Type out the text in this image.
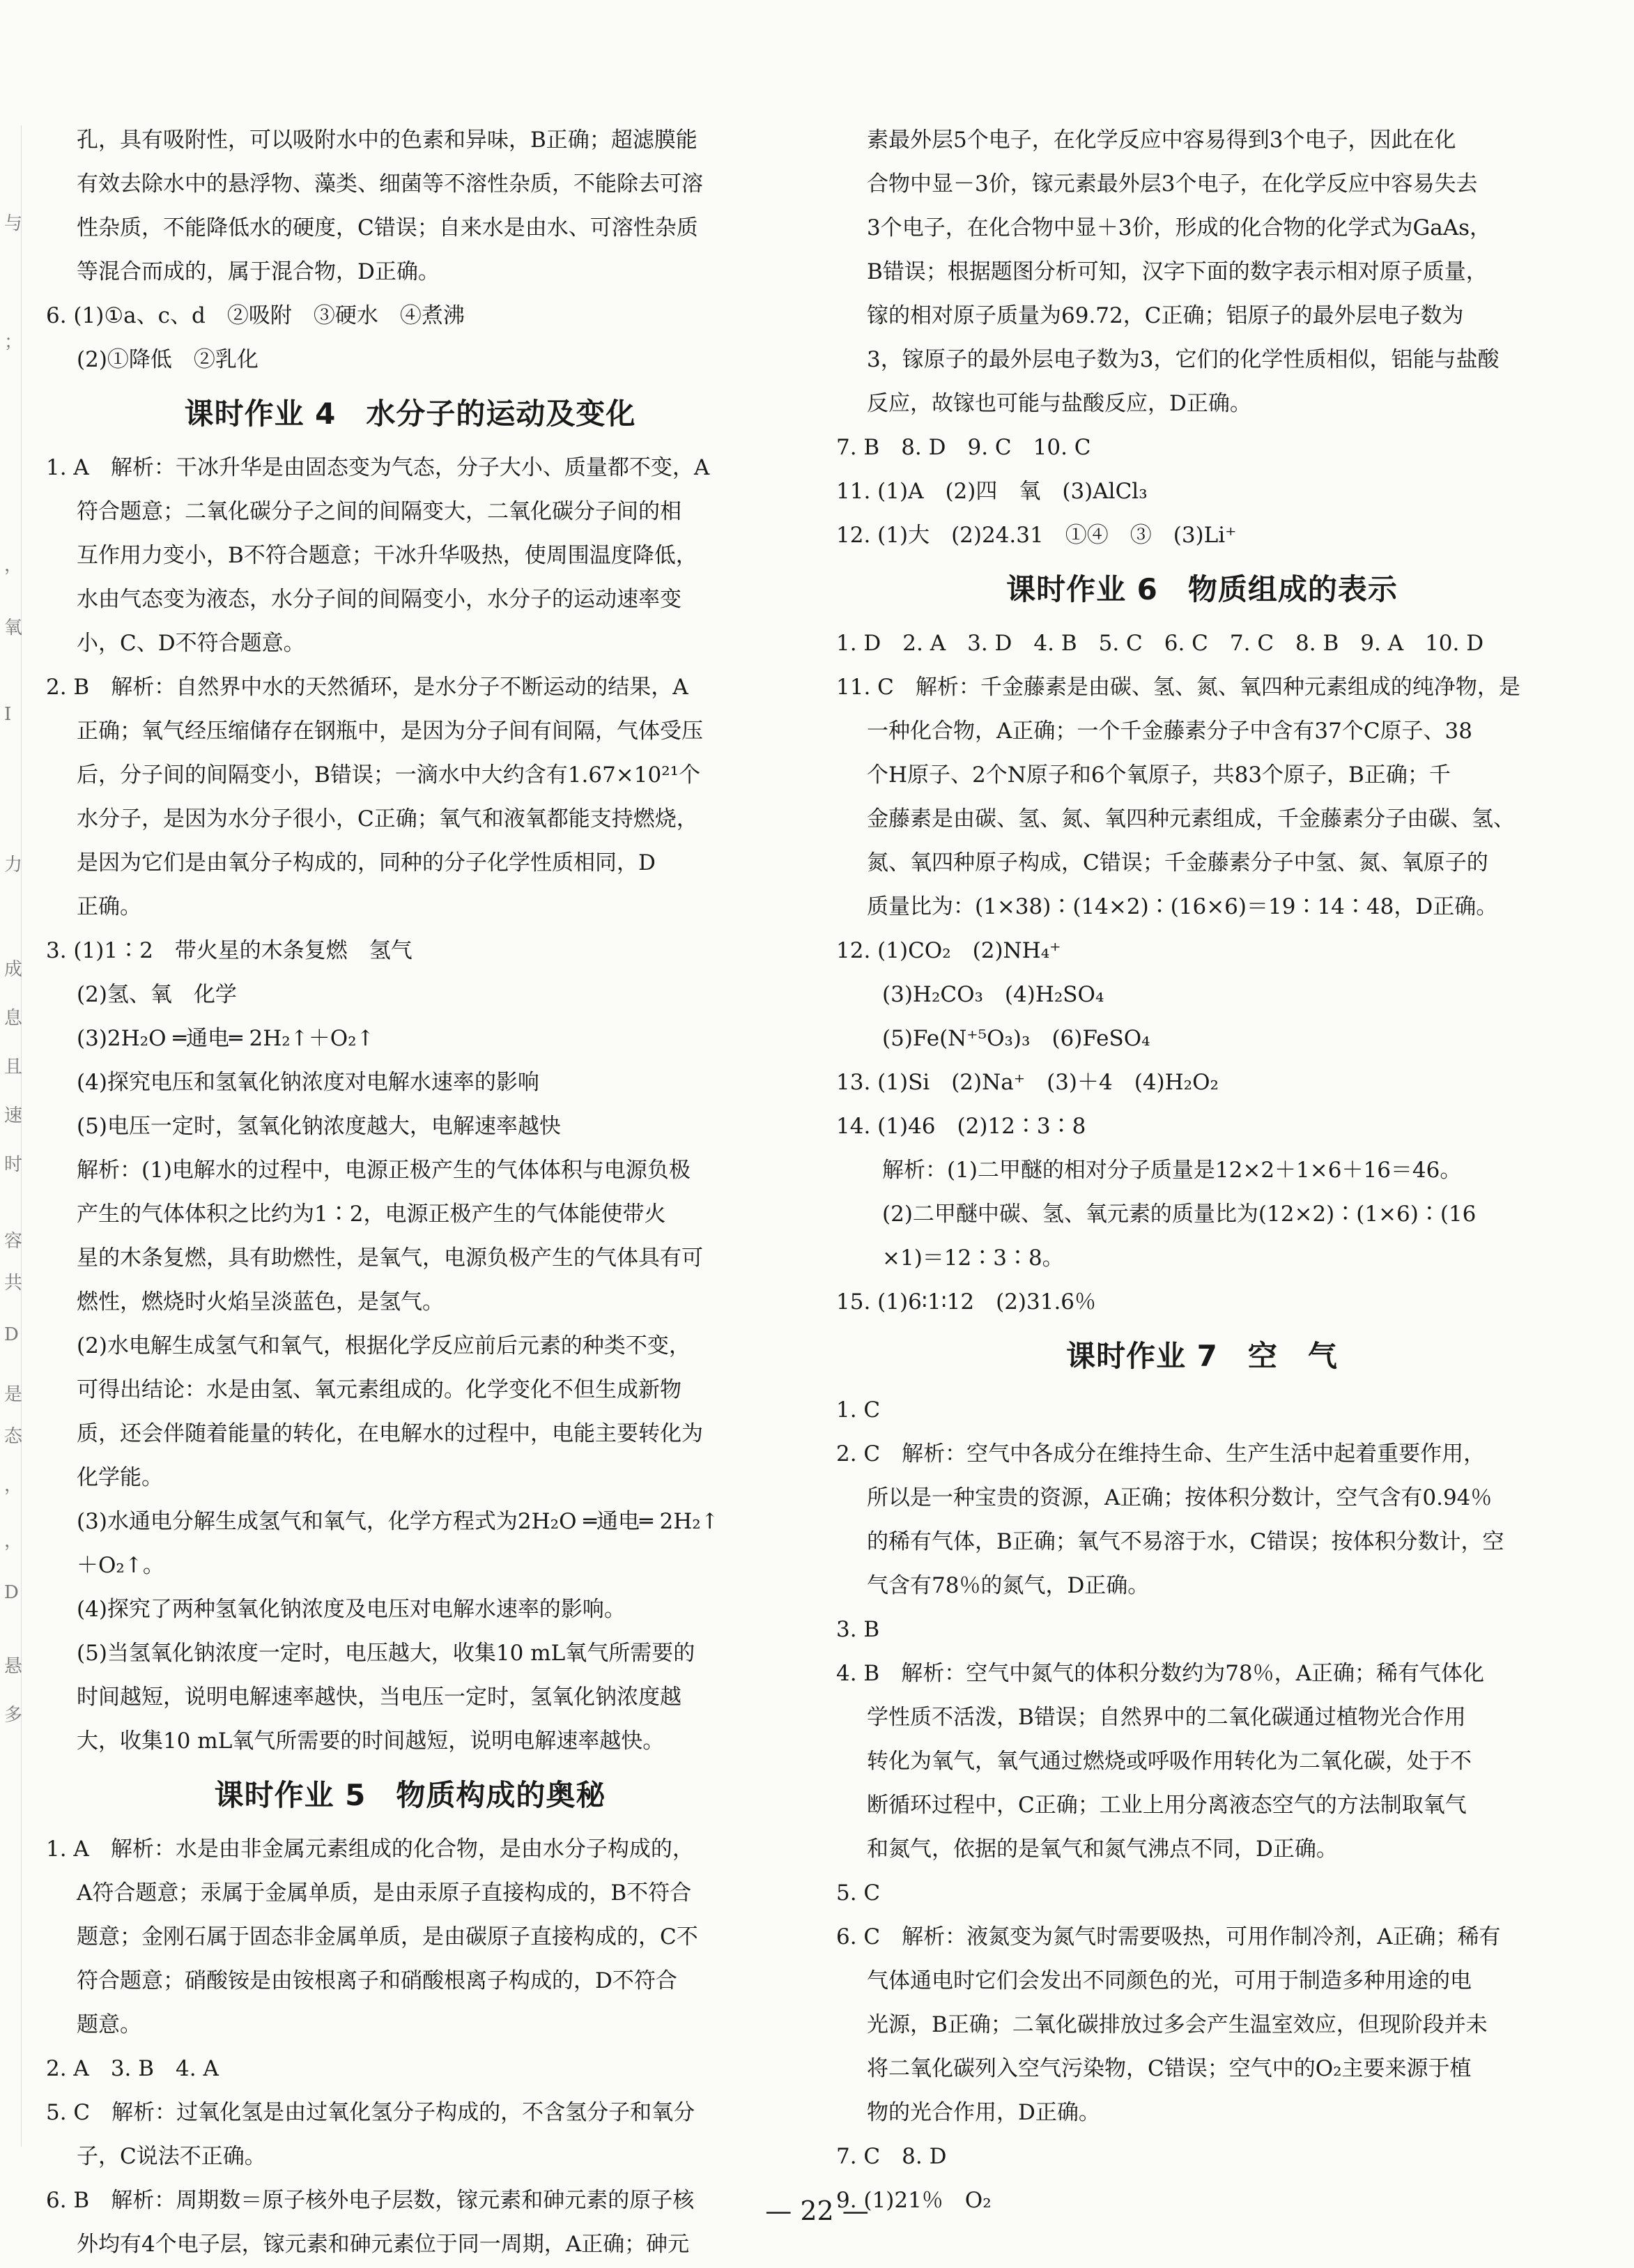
与
；
，
氧
I
力
成
息
且
速
时
容
共
D
是
态
，
，
D
悬
多

孔，具有吸附性，可以吸附水中的色素和异味，B正确；超滤膜能

有效去除水中的悬浮物、藻类、细菌等不溶性杂质，不能除去可溶

性杂质，不能降低水的硬度，C错误；自来水是由水、可溶性杂质

等混合而成的，属于混合物，D正确。

6. (1)①a、c、d　②吸附　③硬水　④煮沸

(2)①降低　②乳化

课时作业 4　水分子的运动及变化

1. A　解析：干冰升华是由固态变为气态，分子大小、质量都不变，A

符合题意；二氧化碳分子之间的间隔变大，二氧化碳分子间的相

互作用力变小，B不符合题意；干冰升华吸热，使周围温度降低，

水由气态变为液态，水分子间的间隔变小，水分子的运动速率变

小，C、D不符合题意。

2. B　解析：自然界中水的天然循环，是水分子不断运动的结果，A

正确；氧气经压缩储存在钢瓶中，是因为分子间有间隔，气体受压

后，分子间的间隔变小，B错误；一滴水中大约含有1.67×10²¹个

水分子，是因为水分子很小，C正确；氧气和液氧都能支持燃烧，

是因为它们是由氧分子构成的，同种的分子化学性质相同，D

正确。

3. (1)1∶2　带火星的木条复燃　氢气

(2)氢、氧　化学

(3)2H₂O ═通电═ 2H₂↑＋O₂↑

(4)探究电压和氢氧化钠浓度对电解水速率的影响

(5)电压一定时，氢氧化钠浓度越大，电解速率越快

解析：(1)电解水的过程中，电源正极产生的气体体积与电源负极

产生的气体体积之比约为1∶2，电源正极产生的气体能使带火

星的木条复燃，具有助燃性，是氧气，电源负极产生的气体具有可

燃性，燃烧时火焰呈淡蓝色，是氢气。

(2)水电解生成氢气和氧气，根据化学反应前后元素的种类不变，

可得出结论：水是由氢、氧元素组成的。化学变化不但生成新物

质，还会伴随着能量的转化，在电解水的过程中，电能主要转化为

化学能。

(3)水通电分解生成氢气和氧气，化学方程式为2H₂O ═通电═ 2H₂↑

＋O₂↑。

(4)探究了两种氢氧化钠浓度及电压对电解水速率的影响。

(5)当氢氧化钠浓度一定时，电压越大，收集10 mL氧气所需要的

时间越短，说明电解速率越快，当电压一定时，氢氧化钠浓度越

大，收集10 mL氧气所需要的时间越短，说明电解速率越快。

课时作业 5　物质构成的奥秘

1. A　解析：水是由非金属元素组成的化合物，是由水分子构成的，

A符合题意；汞属于金属单质，是由汞原子直接构成的，B不符合

题意；金刚石属于固态非金属单质，是由碳原子直接构成的，C不

符合题意；硝酸铵是由铵根离子和硝酸根离子构成的，D不符合

题意。

2. A　3. B　4. A

5. C　解析：过氧化氢是由过氧化氢分子构成的，不含氢分子和氧分

子，C说法不正确。

6. B　解析：周期数＝原子核外电子层数，镓元素和砷元素的原子核

外均有4个电子层，镓元素和砷元素位于同一周期，A正确；砷元

素最外层5个电子，在化学反应中容易得到3个电子，因此在化

合物中显－3价，镓元素最外层3个电子，在化学反应中容易失去

3个电子，在化合物中显＋3价，形成的化合物的化学式为GaAs，

B错误；根据题图分析可知，汉字下面的数字表示相对原子质量，

镓的相对原子质量为69.72，C正确；铝原子的最外层电子数为

3，镓原子的最外层电子数为3，它们的化学性质相似，铝能与盐酸

反应，故镓也可能与盐酸反应，D正确。

7. B　8. D　9. C　10. C

11. (1)A　(2)四　氧　(3)AlCl₃

12. (1)大　(2)24.31　①④　③　(3)Li⁺

课时作业 6　物质组成的表示

1. D　2. A　3. D　4. B　5. C　6. C　7. C　8. B　9. A　10. D

11. C　解析：千金藤素是由碳、氢、氮、氧四种元素组成的纯净物，是

一种化合物，A正确；一个千金藤素分子中含有37个C原子、38

个H原子、2个N原子和6个氧原子，共83个原子，B正确；千

金藤素是由碳、氢、氮、氧四种元素组成，千金藤素分子由碳、氢、

氮、氧四种原子构成，C错误；千金藤素分子中氢、氮、氧原子的

质量比为：(1×38)∶(14×2)∶(16×6)＝19∶14∶48，D正确。

12. (1)CO₂　(2)NH₄⁺

(3)H₂CO₃　(4)H₂SO₄

(5)Fe(N⁺⁵O₃)₃　(6)FeSO₄

13. (1)Si　(2)Na⁺　(3)＋4　(4)H₂O₂

14. (1)46　(2)12∶3∶8

解析：(1)二甲醚的相对分子质量是12×2＋1×6＋16＝46。

(2)二甲醚中碳、氢、氧元素的质量比为(12×2)∶(1×6)∶(16

×1)＝12∶3∶8。

15. (1)6∶1∶12　(2)31.6％

课时作业 7　空　气

1. C

2. C　解析：空气中各成分在维持生命、生产生活中起着重要作用，

所以是一种宝贵的资源，A正确；按体积分数计，空气含有0.94％

的稀有气体，B正确；氧气不易溶于水，C错误；按体积分数计，空

气含有78％的氮气，D正确。

3. B

4. B　解析：空气中氮气的体积分数约为78％，A正确；稀有气体化

学性质不活泼，B错误；自然界中的二氧化碳通过植物光合作用

转化为氧气，氧气通过燃烧或呼吸作用转化为二氧化碳，处于不

断循环过程中，C正确；工业上用分离液态空气的方法制取氧气

和氮气，依据的是氧气和氮气沸点不同，D正确。

5. C

6. C　解析：液氮变为氮气时需要吸热，可用作制冷剂，A正确；稀有

气体通电时它们会发出不同颜色的光，可用于制造多种用途的电

光源，B正确；二氧化碳排放过多会产生温室效应，但现阶段并未

将二氧化碳列入空气污染物，C错误；空气中的O₂主要来源于植

物的光合作用，D正确。

7. C　8. D

9. (1)21％　O₂

— 22 —
